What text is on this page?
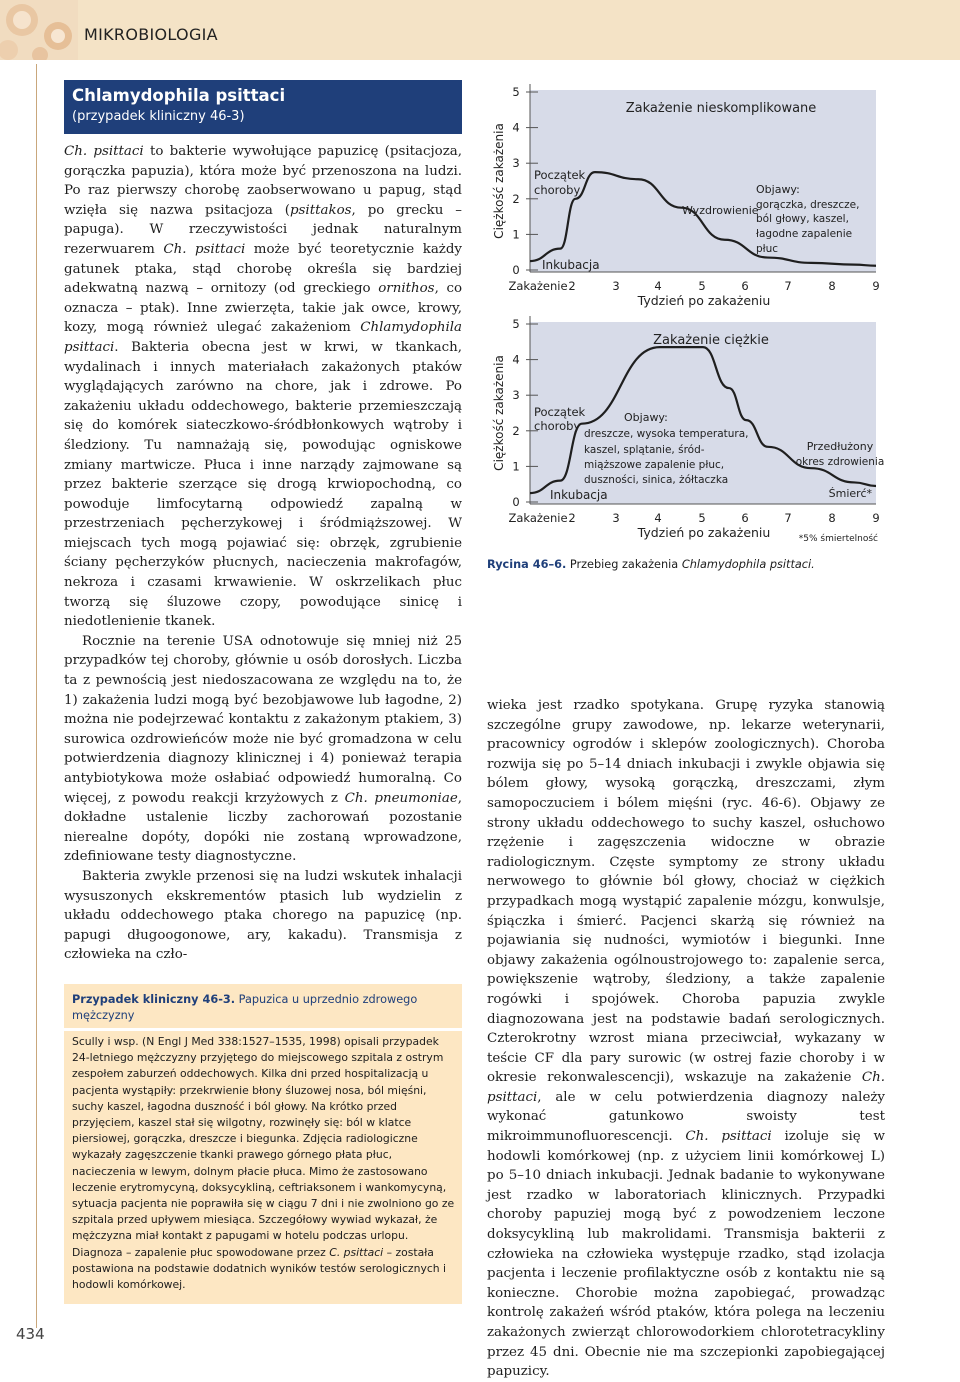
MIKROBIOLOGIA
Chlamydophila psittaci
(przypadek kliniczny 46-3)

Ch. psittaci to bakterie wywołujące papuzicę (psitacjoza, gorączka papuzia), która może być przenoszona na ludzi. Po raz pierwszy chorobę zaobserwowano u papug, stąd wzięła się nazwa psitacjoza (psittakos, po grecku – papuga). W rzeczywistości jednak naturalnym rezerwuarem Ch. psittaci może być teoretycznie każdy gatunek ptaka, stąd chorobę określa się bardziej adekwatną nazwą – ornitozy (od greckiego ornithos, co oznacza – ptak). Inne zwierzęta, takie jak owce, krowy, kozy, mogą również ulegać zakażeniom Chlamydophila psittaci. Bakteria obecna jest w krwi, w tkankach, wydalinach i innych materiałach zakażonych ptaków wyglądających zarówno na chore, jak i zdrowe. Po zakażeniu układu oddechowego, bakterie przemieszczają się do komórek siateczkowo-śródbłonkowych wątroby i śledziony. Tu namnażają się, powodując ogniskowe zmiany martwicze. Płuca i inne narządy zajmowane są przez bakterie szerzące się drogą krwiopochodną, co powoduje limfocytarną odpowiedź zapalną w przestrzeniach pęcherzykowej i śródmiąższowej. W miejscach tych mogą pojawiać się: obrzęk, zgrubienie ściany pęcherzyków płucnych, nacieczenia makrofagów, nekroza i czasami krwawienie. W oskrzelikach płuc tworzą się śluzowe czopy, powodujące sinicę i niedotlenienie tkanek.

Rocznie na terenie USA odnotowuje się mniej niż 25 przypadków tej choroby, głównie u osób dorosłych. Liczba ta z pewnością jest niedoszacowana ze względu na to, że 1) zakażenia ludzi mogą być bezobjawowe lub łagodne, 2) można nie podejrzewać kontaktu z zakażonym ptakiem, 3) surowica ozdrowieńców może nie być gromadzona w celu potwierdzenia diagnozy klinicznej i 4) ponieważ terapia antybiotykowa może osłabiać odpowiedź humoralną. Co więcej, z powodu reakcji krzyżowych z Ch. pneumoniae, dokładne ustalenie liczby zachorowań pozostanie nierealne dopóty, dopóki nie zostaną wprowadzone, zdefiniowane testy diagnostyczne.

Bakteria zwykle przenosi się na ludzi wskutek inhalacji wysuszonych ekskrementów ptasich lub wydzielin z układu oddechowego ptaka chorego na papuzicę (np. papugi długoogonowe, ary, kakadu). Transmisja z człowieka na czło-

Przypadek kliniczny 46-3. Papuzica u uprzednio zdrowego mężczyzny
Scully i wsp. (N Engl J Med 338:1527–1535, 1998) opisali przypadek 24-letniego mężczyzny przyjętego do miejscowego szpitala z ostrym zespołem zaburzeń oddechowych. Kilka dni przed hospitalizacją u pacjenta wystąpiły: przekrwienie błony śluzowej nosa, ból mięśni, suchy kaszel, łagodna duszność i ból głowy. Na krótko przed przyjęciem, kaszel stał się wilgotny, rozwinęły się: ból w klatce piersiowej, gorączka, dreszcze i biegunka. Zdjęcia radiologiczne wykazały zagęszczenie tkanki prawego górnego płata płuc, nacieczenia w lewym, dolnym płacie płuca. Mimo że zastosowano leczenie erytromycyną, doksycykliną, ceftriaksonem i wankomycyną, sytuacja pacjenta nie poprawiła się w ciągu 7 dni i nie zwolniono go ze szpitala przed upływem miesiąca. Szczegółowy wywiad wykazał, że mężczyzna miał kontakt z papugami w hotelu podczas urlopu. Diagnoza – zapalenie płuc spowodowane przez C. psittaci – została postawiona na podstawie dodatnich wyników testów serologicznych i hodowli komórkowej.
0
1
2
3
4
5
Ciężkość zakażenia
Zakażenie 2	3	4	5	6	7	8	9
Tydzień po zakażeniu
Zakażenie nieskomplikowane
Początek
choroby
Inkubacja
Wyzdrowienie
Objawy:
gorączka, dreszcze,
ból głowy, kaszel,
łagodne zapalenie
płuc
0
1
2
3
4
5
Ciężkość zakażenia
Zakażenie 2	3	4	5	6	7	8	9
Tydzień po zakażeniu
Zakażenie ciężkie
Początek
choroby
Inkubacja
Objawy:
dreszcze, wysoka temperatura,
kaszel, splątanie, śród-
miąższowe zapalenie płuc,
duszności, sinica, żółtaczka
Przedłużony
okres zdrowienia
Śmierć*
*5% śmiertelność
Rycina 46–6. Przebieg zakażenia Chlamydophila psittaci.

wieka jest rzadko spotykana. Grupę ryzyka stanowią szczególne grupy zawodowe, np. lekarze weterynarii, pracownicy ogrodów i sklepów zoologicznych). Choroba rozwija się po 5–14 dniach inkubacji i zwykle objawia się bólem głowy, wysoką gorączką, dreszczami, złym samopoczuciem i bólem mięśni (ryc. 46-6). Objawy ze strony układu oddechowego to suchy kaszel, osłuchowo rzężenie i zagęszczenia widoczne w obrazie radiologicznym. Częste symptomy ze strony układu nerwowego to głównie ból głowy, chociaż w ciężkich przypadkach mogą wystąpić zapalenie mózgu, konwulsje, śpiączka i śmierć. Pacjenci skarżą się również na pojawiania się nudności, wymiotów i biegunki. Inne objawy zakażenia ogólnoustrojowego to: zapalenie serca, powiększenie wątroby, śledziony, a także zapalenie rogówki i spojówek. Choroba papuzia zwykle diagnozowana jest na podstawie badań serologicznych. Czterokrotny wzrost miana przeciwciał, wykazany w teście CF dla pary surowic (w ostrej fazie choroby i w okresie rekonwalescencji), wskazuje na zakażenie Ch. psittaci, ale w celu potwierdzenia diagnozy należy wykonać gatunkowo swoisty test mikroimmunofluorescencji. Ch. psittaci izoluje się w hodowli komórkowej (np. z użyciem linii komórkowej L) po 5–10 dniach inkubacji. Jednak badanie to wykonywane jest rzadko w laboratoriach klinicznych. Przypadki choroby papuziej mogą być z powodzeniem leczone doksycykliną lub makrolidami. Transmisja bakterii z człowieka na człowieka występuje rzadko, stąd izolacja pacjenta i leczenie profilaktyczne osób z kontaktu nie są konieczne. Chorobie można zapobiegać, prowadząc kontrolę zakażeń wśród ptaków, która polega na leczeniu zakażonych zwierząt chlorowodorkiem chlorotetracykliny przez 45 dni. Obecnie nie ma szczepionki zapobiegającej papuzicy.

434
